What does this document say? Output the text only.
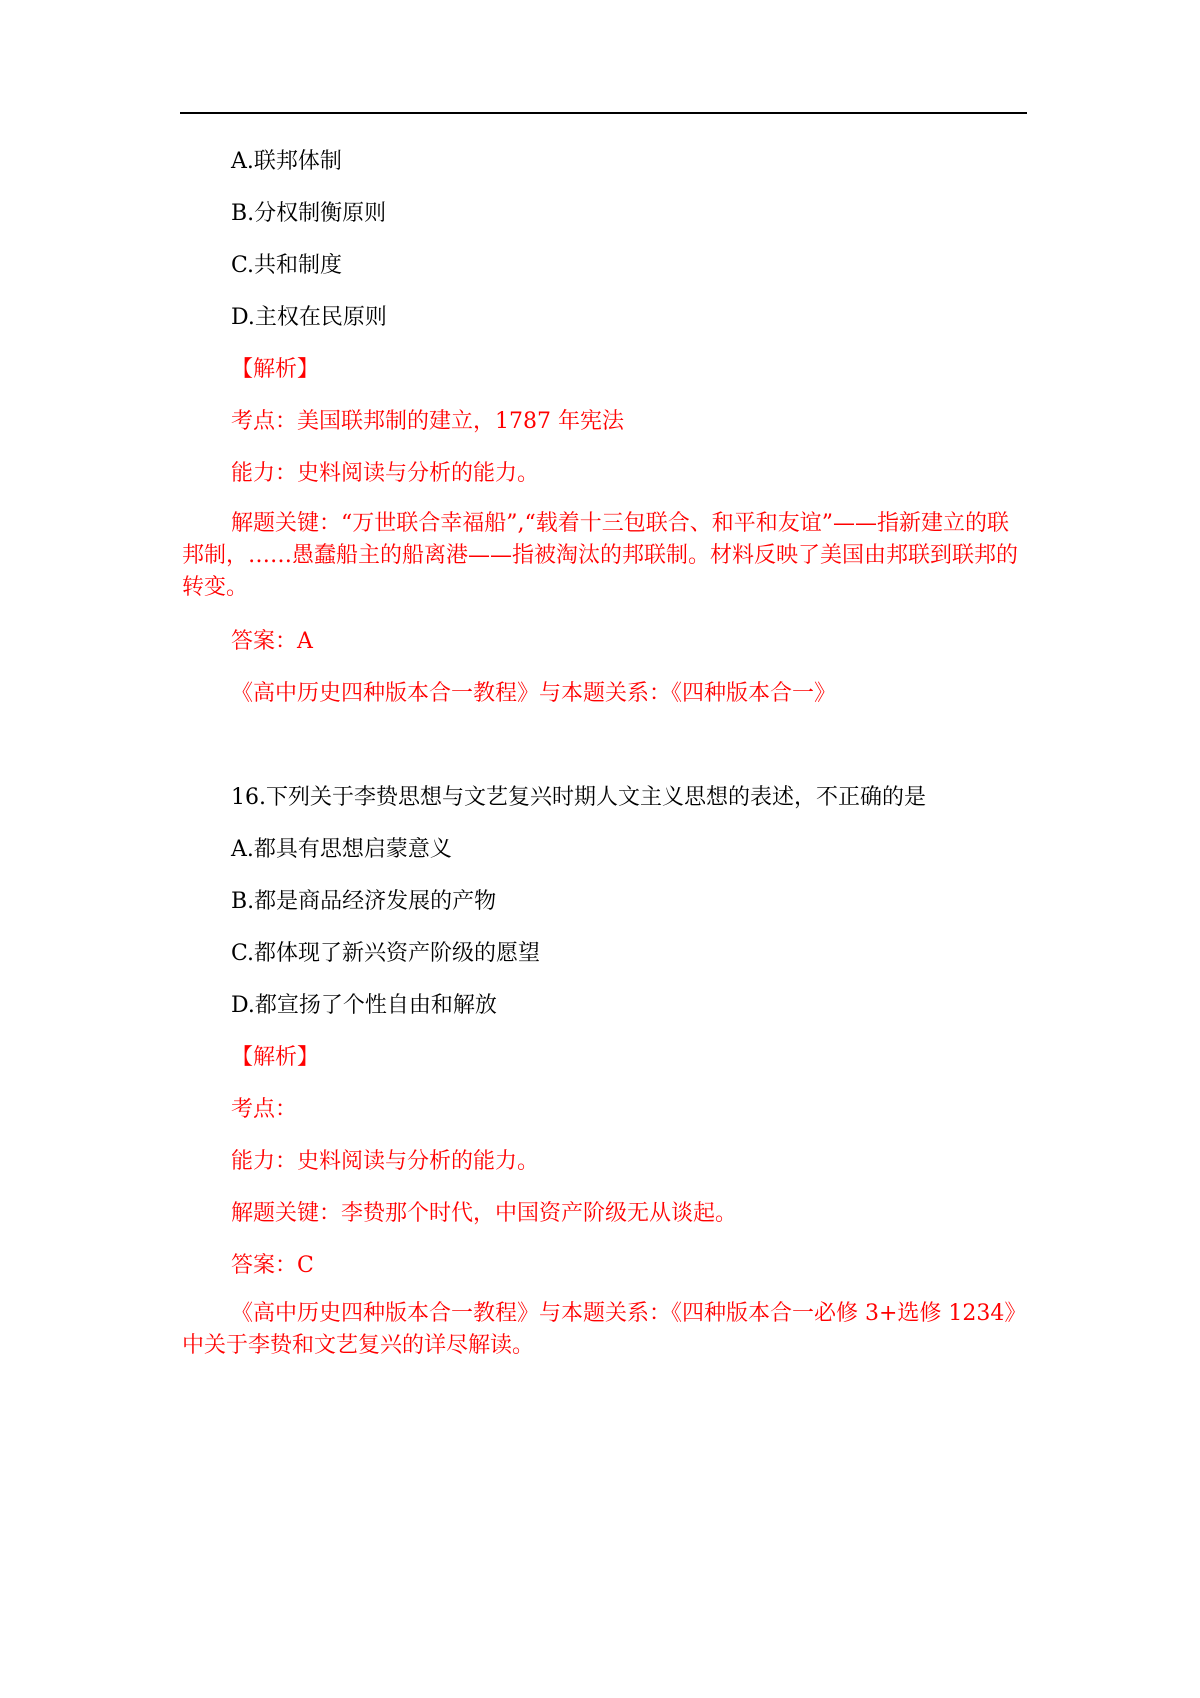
A.联邦体制
B.分权制衡原则
C.共和制度
D.主权在民原则
【解析】
考点：美国联邦制的建立，1787 年宪法
能力：史料阅读与分析的能力。
解题关键：“万世联合幸福船”,“载着十三包联合、和平和友谊”——指新建立的联邦制，……愚蠢船主的船离港——指被淘汰的邦联制。材料反映了美国由邦联到联邦的转变。
答案：A
《高中历史四种版本合一教程》与本题关系：《四种版本合一》
16.下列关于李贽思想与文艺复兴时期人文主义思想的表述，不正确的是
A.都具有思想启蒙意义
B.都是商品经济发展的产物
C.都体现了新兴资产阶级的愿望
D.都宣扬了个性自由和解放
【解析】
考点：
能力：史料阅读与分析的能力。
解题关键：李贽那个时代，中国资产阶级无从谈起。
答案：C
《高中历史四种版本合一教程》与本题关系：《四种版本合一必修 3+选修 1234》中关于李贽和文艺复兴的详尽解读。
